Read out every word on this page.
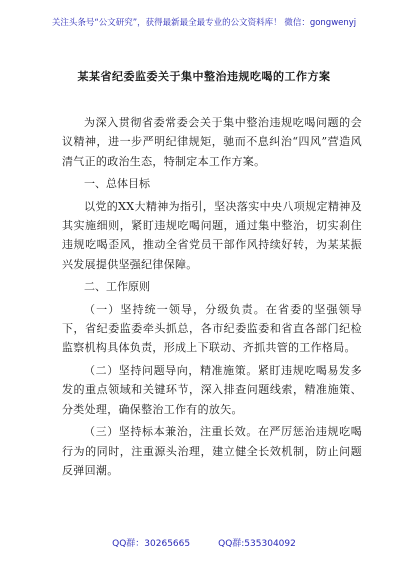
关注头条号“公文研究”，获得最新最全最专业的公文资料库！ 微信：gongwenyj
某某省纪委监委关于集中整治违规吃喝的工作方案

为深入贯彻省委常委会关于集中整治违规吃喝问题的会议精神，进一步严明纪律规矩，驰而不息纠治“四风”营造风清气正的政治生态，特制定本工作方案。

一、总体目标

以党的XX大精神为指引，坚决落实中央八项规定精神及其实施细则，紧盯违规吃喝问题，通过集中整治，切实刹住违规吃喝歪风，推动全省党员干部作风持续好转，为某某振兴发展提供坚强纪律保障。

二、工作原则

（一）坚持统一领导，分级负责。在省委的坚强领导下，省纪委监委牵头抓总，各市纪委监委和省直各部门纪检监察机构具体负责，形成上下联动、齐抓共管的工作格局。

（二）坚持问题导向，精准施策。紧盯违规吃喝易发多发的重点领域和关键环节，深入排查问题线索，精准施策、分类处理，确保整治工作有的放矢。

（三）坚持标本兼治，注重长效。在严厉惩治违规吃喝行为的同时，注重源头治理，建立健全长效机制，防止问题反弹回潮。

QQ群：30265665	QQ群:535304092
